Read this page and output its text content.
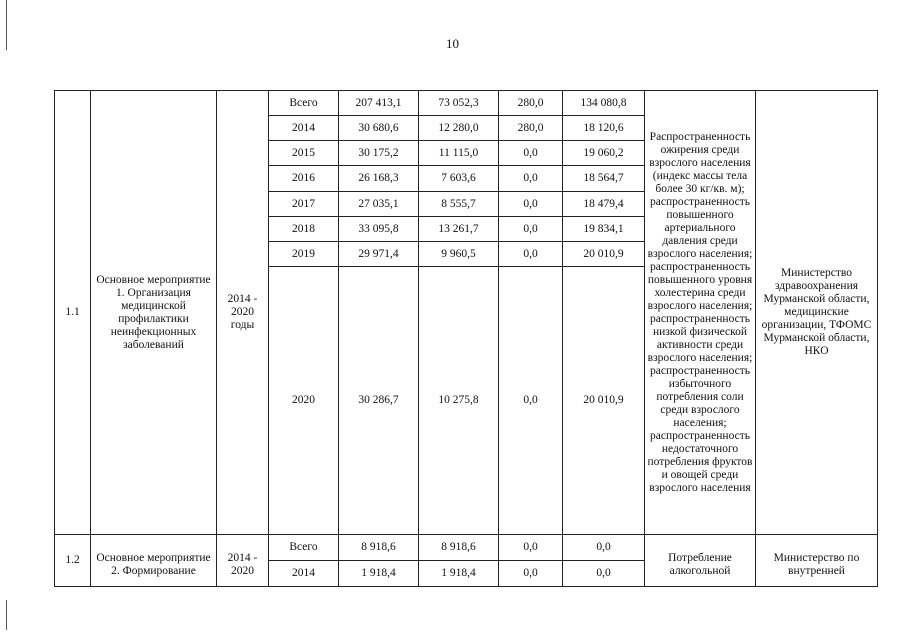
10
1.1	Основное мероприятие 1. Организация медицинской профилактики неинфекционных заболеваний	2014 - 2020 годы	Всего	207 413,1	73 052,3	280,0	134 080,8	Распространенность ожирения среди взрослого населения (индекс массы тела более 30 кг/кв. м); распространенность повышенного артериального давления среди взрослого населения; распространенность повышенного уровня холестерина среди взрослого населения; распространенность низкой физической активности среди взрослого населения; распространенность избыточного потребления соли среди взрослого населения; распространенность недостаточного потребления фруктов и овощей среди взрослого населения	Министерство здравоохранения Мурманской области, медицинские организации, ТФОМС Мурманской области, НКО
			2014	30 680,6	12 280,0	280,0	18 120,6		
			2015	30 175,2	11 115,0	0,0	19 060,2		
			2016	26 168,3	7 603,6	0,0	18 564,7		
			2017	27 035,1	8 555,7	0,0	18 479,4		
			2018	33 095,8	13 261,7	0,0	19 834,1		
			2019	29 971,4	9 960,5	0,0	20 010,9		
			2020	30 286,7	10 275,8	0,0	20 010,9		
1.2	Основное мероприятие 2. Формирование	2014 - 2020	Всего	8 918,6	8 918,6	0,0	0,0	Потребление алкогольной	Министерство по внутренней
			2014	1 918,4	1 918,4	0,0	0,0		
